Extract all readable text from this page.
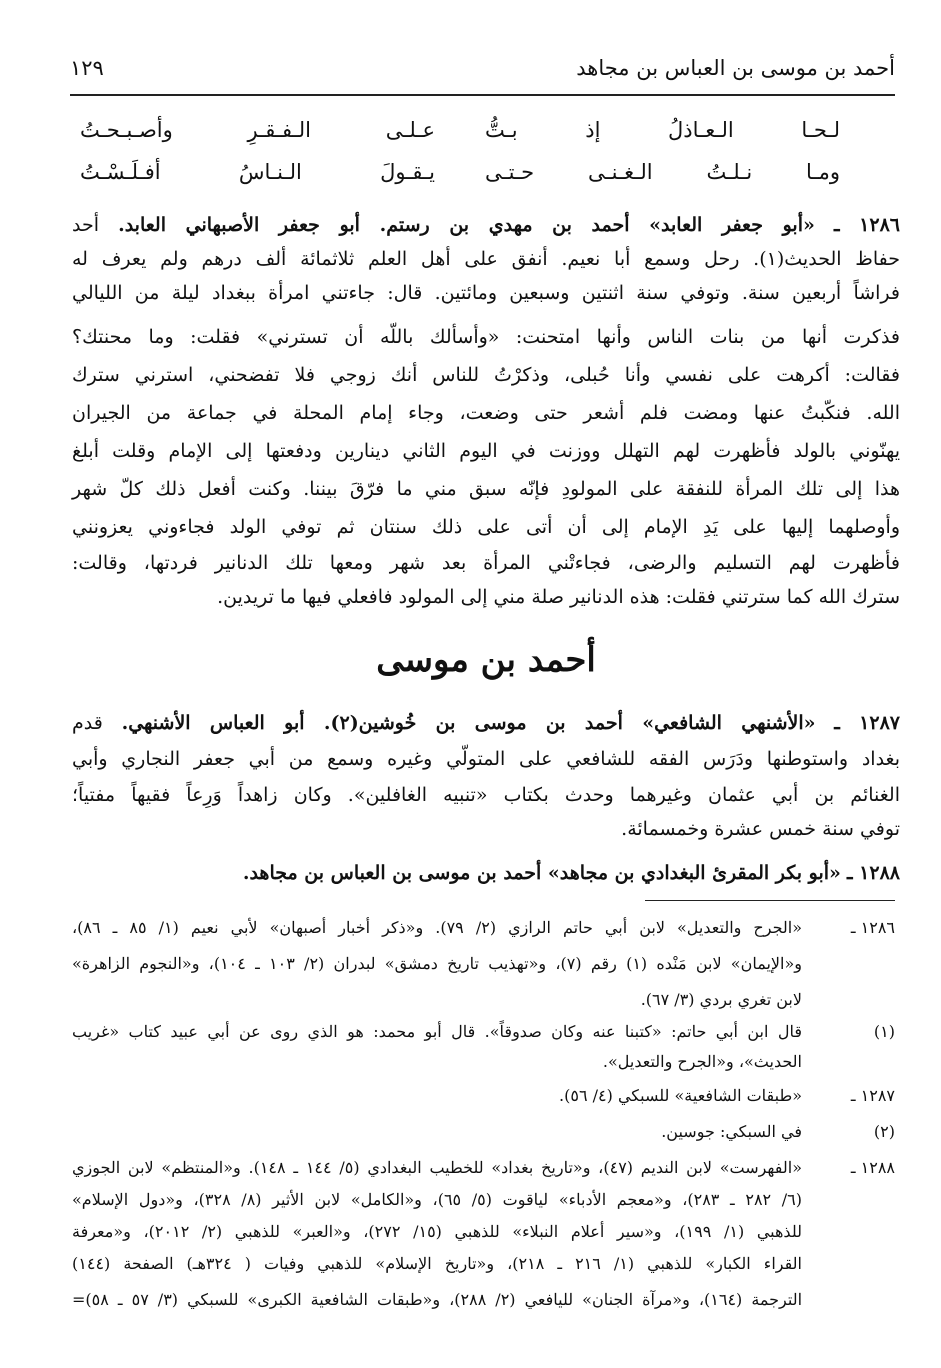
أحمد بن موسى بن العباس بن مجاهد
١٢٩
لـحـا الـعـاذلُ إذ بـتُّ
عـلـى الـفـقـرِ وأصـبـحـتُ
ومـا نـلـتُ الـغـنـى حـتـى
يـقـولَ الـنـاسُ أفـلَـسْـتُ
١٢٨٦ ـ «أبو جعفر العابد» أحمد بن مهدي بن رستم. أبو جعفر الأصبهاني العابد. أحد
حفاظ الحديث(١). رحل وسمع أبا نعيم. أنفق على أهل العلم ثلاثمائة ألف درهم ولم يعرف له
فراشاً أربعين سنة. وتوفي سنة اثنتين وسبعين ومائتين. قال: جاءتني امرأة ببغداد ليلة من الليالي
فذكرت أنها من بنات الناس وأنها امتحنت: «وأسألك باللّه أن تسترني» فقلت: وما محنتك؟
فقالت: أكرهت على نفسي وأنا حُبلى، وذكرْتُ للناس أنك زوجي فلا تفضحني، استرني سترك
الله. فنكّبتُ عنها ومضت فلم أشعر حتى وضعت، وجاء إمام المحلة في جماعة من الجيران
يهنّوني بالولد فأظهرت لهم التهلل ووزنت في اليوم الثاني دينارين ودفعتها إلى الإمام وقلت أبلغ
هذا إلى تلك المرأة للنفقة على المولودِ فإنّه سبق مني ما فرّقَ بيننا. وكنت أفعل ذلك كلّ شهر
وأوصلهما إليها على يَدِ الإمام إلى أن أتى على ذلك سنتان ثم توفي الولد فجاءوني يعزونني
فأظهرت لهم التسليم والرضى، فجاءتْني المرأة بعد شهر ومعها تلك الدنانير فردتها، وقالت:
سترك الله كما سترتني فقلت: هذه الدنانير صلة مني إلى المولود فافعلي فيها ما تريدين.
أحمد بن موسى
١٢٨٧ ـ «الأشنهي الشافعي» أحمد بن موسى بن خُوشين(٢). أبو العباس الأشنهي. قدم
بغداد واستوطنها ودَرَس الفقه للشافعي على المتولّي وغيره وسمع من أبي جعفر النجاري وأبي
الغنائم بن أبي عثمان وغيرهما وحدث بكتاب «تنبيه الغافلين». وكان زاهداً وَرِعاً فقيهاً مفتياً؛
توفي سنة خمس عشرة وخمسمائة.
١٢٨٨ ـ «أبو بكر المقرئ البغدادي بن مجاهد» أحمد بن موسى بن العباس بن مجاهد.
١٢٨٦ ـ
«الجرح والتعديل» لابن أبي حاتم الرازي (٢/ ٧٩). و«ذكر أخبار أصبهان» لأبي نعيم (١/ ٨٥ ـ ٨٦)،
و«الإيمان» لابن مَنْده (١) رقم (٧)، و«تهذيب تاريخ دمشق» لبدران (٢/ ١٠٣ ـ ١٠٤)، و«النجوم الزاهرة»
لابن تغري بردي (٣/ ٦٧).
(١)
قال ابن أبي حاتم: «كتبنا عنه وكان صدوقاً». قال أبو محمد: هو الذي روى عن أبي عبيد كتاب «غريب
الحديث»، و«الجرح والتعديل».
١٢٨٧ ـ
«طبقات الشافعية» للسبكي (٤/ ٥٦).
(٢)
في السبكي: جوسين.
١٢٨٨ ـ
«الفهرست» لابن النديم (٤٧)، و«تاريخ بغداد» للخطيب البغدادي (٥/ ١٤٤ ـ ١٤٨). و«المنتظم» لابن الجوزي
(٦/ ٢٨٢ ـ ٢٨٣)، و«معجم الأدباء» لياقوت (٥/ ٦٥)، و«الكامل» لابن الأثير (٨/ ٣٢٨)، و«دول الإسلام»
للذهبي (١/ ١٩٩)، و«سير أعلام النبلاء» للذهبي (١٥/ ٢٧٢)، و«العبر» للذهبي (٢/ ٢٠١٢)، و«معرفة
القراء الكبار» للذهبي (١/ ٢١٦ ـ ٢١٨)، و«تاريخ الإسلام» للذهبي وفيات ( ٣٢٤هـ) الصفحة (١٤٤)
الترجمة (١٦٤)، و«مرآة الجنان» لليافعي (٢/ ٢٨٨)، و«طبقات الشافعية الكبرى» للسبكي (٣/ ٥٧ ـ ٥٨)=
